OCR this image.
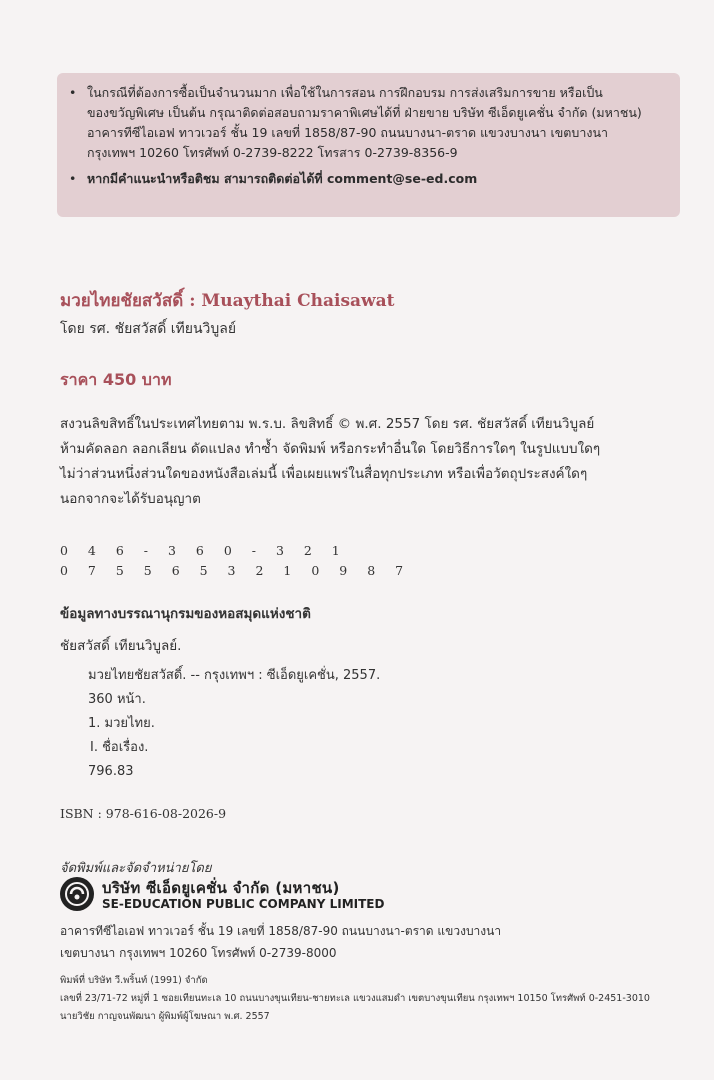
• ในกรณีที่ต้องการซื้อเป็นจำนวนมาก เพื่อใช้ในการสอน การฝึกอบรม การส่งเสริมการขาย หรือเป็น
ของขวัญพิเศษ เป็นต้น กรุณาติดต่อสอบถามราคาพิเศษได้ที่ ฝ่ายขาย บริษัท ซีเอ็ดยูเคชั่น จำกัด (มหาชน)
อาคารทีซีไอเอฟ ทาวเวอร์ ชั้น 19 เลขที่ 1858/87-90 ถนนบางนา-ตราด แขวงบางนา เขตบางนา
กรุงเทพฯ 10260 โทรศัพท์ 0-2739-8222 โทรสาร 0-2739-8356-9
• หากมีคำแนะนำหรือติชม สามารถติดต่อได้ที่ comment@se-ed.com
มวยไทยชัยสวัสดิ์ : Muaythai Chaisawat
โดย รศ. ชัยสวัสดิ์ เทียนวิบูลย์
ราคา 450 บาท
สงวนลิขสิทธิ์ในประเทศไทยตาม พ.ร.บ. ลิขสิทธิ์ © พ.ศ. 2557 โดย รศ. ชัยสวัสดิ์ เทียนวิบูลย์
ห้ามคัดลอก ลอกเลียน ดัดแปลง ทำซ้ำ จัดพิมพ์ หรือกระทำอื่นใด โดยวิธีการใดๆ ในรูปแบบใดๆ
ไม่ว่าส่วนหนึ่งส่วนใดของหนังสือเล่มนี้ เพื่อเผยแพร่ในสื่อทุกประเภท หรือเพื่อวัตถุประสงค์ใดๆ
นอกจากจะได้รับอนุญาต
0 4 6 - 3 6 0 - 3 2 1
0 7 5 5 6 5 3 2 1 0 9 8 7
ข้อมูลทางบรรณานุกรมของหอสมุดแห่งชาติ
ชัยสวัสดิ์ เทียนวิบูลย์.
มวยไทยชัยสวัสดิ์. -- กรุงเทพฯ : ซีเอ็ดยูเคชั่น, 2557.
360 หน้า.
1. มวยไทย.
I. ชื่อเรื่อง.
796.83
ISBN : 978-616-08-2026-9
จัดพิมพ์และจัดจำหน่ายโดย
บริษัท ซีเอ็ดยูเคชั่น จำกัด (มหาชน)
SE-EDUCATION PUBLIC COMPANY LIMITED
อาคารทีซีไอเอฟ ทาวเวอร์ ชั้น 19 เลขที่ 1858/87-90 ถนนบางนา-ตราด แขวงบางนา
เขตบางนา กรุงเทพฯ 10260 โทรศัพท์ 0-2739-8000
พิมพ์ที่ บริษัท วี.พริ้นท์ (1991) จำกัด
เลขที่ 23/71-72 หมู่ที่ 1 ซอยเทียนทะเล 10 ถนนบางขุนเทียน-ชายทะเล แขวงแสมดำ เขตบางขุนเทียน กรุงเทพฯ 10150 โทรศัพท์ 0-2451-3010
นายวิชัย กาญจนพัฒนา ผู้พิมพ์ผู้โฆษณา พ.ศ. 2557
